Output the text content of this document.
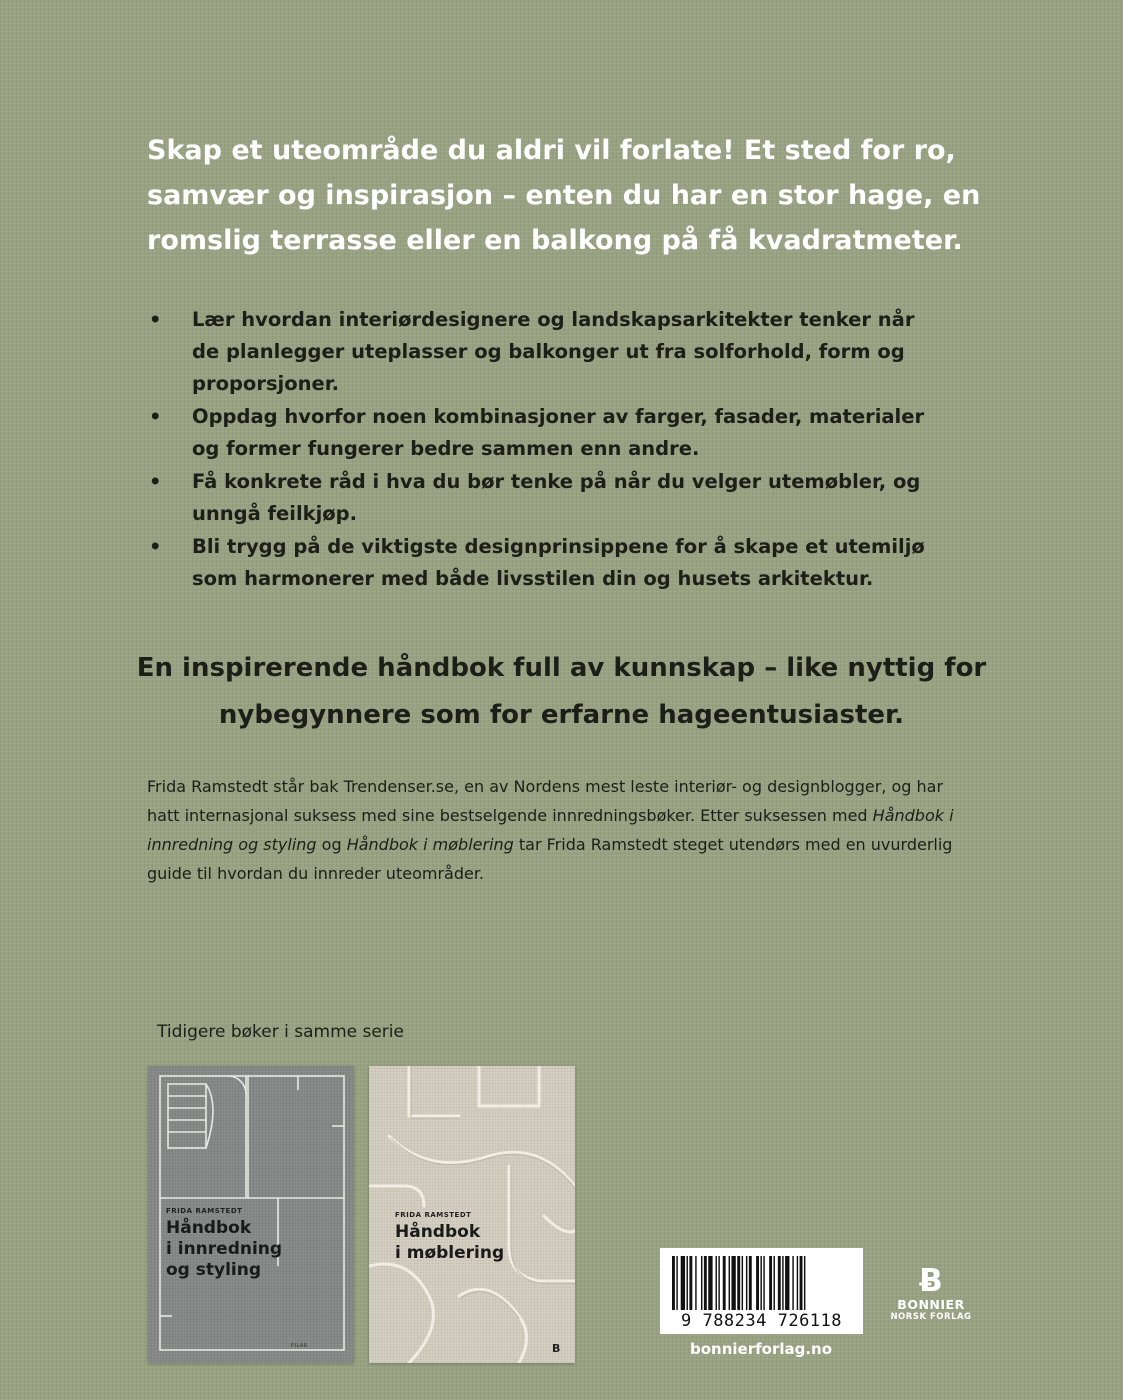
Skap et uteområde du aldri vil forlate! Et sted for ro, samvær og inspirasjon – enten du har en stor hage, en romslig terrasse eller en balkong på få kvadratmeter.

• Lær hvordan interiørdesignere og landskapsarkitekter tenker når de planlegger uteplasser og balkonger ut fra solforhold, form og proporsjoner.
• Oppdag hvorfor noen kombinasjoner av farger, fasader, materialer og former fungerer bedre sammen enn andre.
• Få konkrete råd i hva du bør tenke på når du velger utemøbler, og unngå feilkjøp.
• Bli trygg på de viktigste designprinsippene for å skape et utemiljø som harmonerer med både livsstilen din og husets arkitektur.

En inspirerende håndbok full av kunnskap – like nyttig for nybegynnere som for erfarne hageentusiaster.

Frida Ramstedt står bak Trendenser.se, en av Nordens mest leste interiør- og designblogger, og har hatt internasjonal suksess med sine bestselgende innredningsbøker. Etter suksessen med Håndbok i innredning og styling og Håndbok i møblering tar Frida Ramstedt steget utendørs med en uvurderlig guide til hvordan du innreder uteområder.

Tidigere bøker i samme serie

FRIDA RAMSTEDT

Håndbok
i innredning
og styling

PILAR

FRIDA RAMSTEDT

Håndbok
i møblering

B

9 788234 726118

Ƀ
BONNIER
NORSK FORLAG

bonnierforlag.no
